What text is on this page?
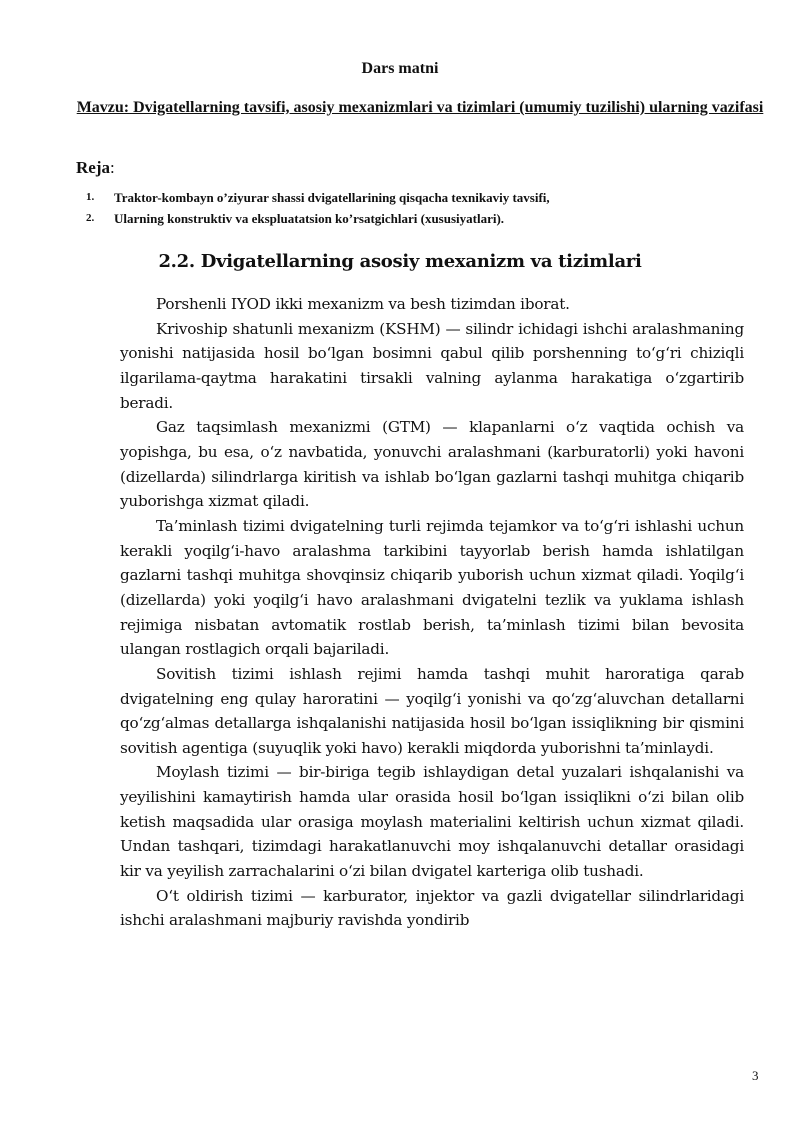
Dars matni
Mavzu: Dvigatellarning tavsifi, asosiy mexanizmlari va tizimlari (umumiy tuzilishi) ularning vazifasi
Reja:
1.	Traktor-kombayn o’ziyurar shassi dvigatellarining qisqacha texnikaviy tavsifi,
2.	Ularning konstruktiv va ekspluatatsion ko’rsatgichlari (xususiyatlari).
2.2. Dvigatellarning asosiy mexanizm va tizimlari

Porshenli IYOD ikki mexanizm va besh tizimdan iborat.

Krivoship shatunli mexanizm (KSHM) — silindr ichidagi ishchi aralashmaning yonishi natijasida hosil bo‘lgan bosimni qabul qilib porshenning to‘g‘ri chiziqli ilgarilama-qaytma harakatini tirsakli valning aylanma harakatiga o‘zgartirib beradi.

Gaz taqsimlash mexanizmi (GTM) — klapanlarni o‘z vaqtida ochish va yopishga, bu esa, o‘z navbatida, yonuvchi aralashmani (karburatorli) yoki havoni (dizellarda) silindrlarga kiritish va ishlab bo‘lgan gazlarni tashqi muhitga chiqarib yuborishga xizmat qiladi.

Ta’minlash tizimi dvigatelning turli rejimda tejamkor va to‘g‘ri ishlashi uchun kerakli yoqilg‘i-havo aralashma tarkibini tayyorlab berish hamda ishlatilgan gazlarni tashqi muhitga shovqinsiz chiqarib yuborish uchun xizmat qiladi. Yoqilg‘i (dizellarda) yoki yoqilg‘i havo aralashmani dvigatelni tezlik va yuklama ishlash rejimiga nisbatan avtomatik rostlab berish, ta’minlash tizimi bilan bevosita ulangan rostlagich orqali bajariladi.

Sovitish tizimi ishlash rejimi hamda tashqi muhit haroratiga qarab dvigatelning eng qulay haroratini — yoqilg‘i yonishi va qo‘zg‘aluvchan detallarni qo‘zg‘almas detallarga ishqalanishi natijasida hosil bo‘lgan issiqlikning bir qismini sovitish agentiga (suyuqlik yoki havo) kerakli miqdorda yuborishni ta’minlaydi.

Moylash tizimi — bir-biriga tegib ishlaydigan detal yuzalari ishqalanishi va yeyilishini kamaytirish hamda ular orasida hosil bo‘lgan issiqlikni o‘zi bilan olib ketish maqsadida ular orasiga moylash materialini keltirish uchun xizmat qiladi. Undan tashqari, tizimdagi harakatlanuvchi moy ishqalanuvchi detallar orasidagi kir va yeyilish zarrachalarini o‘zi bilan dvigatel karteriga olib tushadi.

O‘t oldirish tizimi — karburator, injektor va gazli dvigatellar silindrlaridagi ishchi aralashmani majburiy ravishda yondirib

3
